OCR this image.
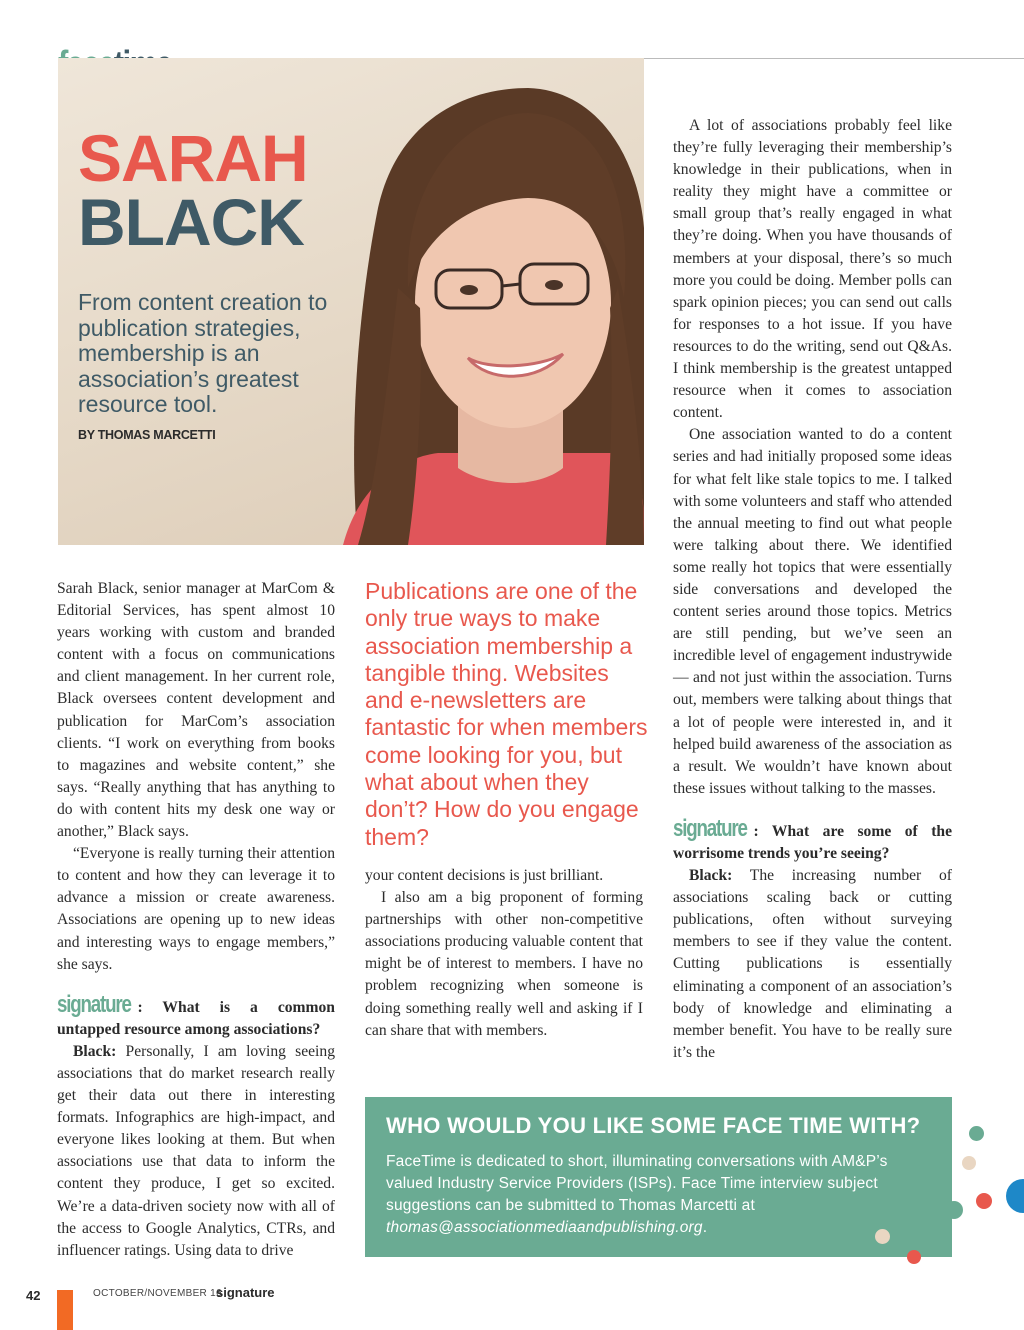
SARAH
BLACK
From content creation to publication strategies, membership is an association’s greatest resource tool.
BY THOMAS MARCETTI

Sarah Black, senior manager at MarCom & Editorial Services, has spent almost 10 years working with custom and branded content with a focus on communications and client management. In her current role, Black oversees content development and publication for MarCom’s association clients. “I work on everything from books to magazines and website content,” she says. “Really anything that has anything to do with content hits my desk one way or another,” Black says.

“Everyone is really turning their attention to content and how they can leverage it to advance a mission or create awareness. Associations are opening up to new ideas and interesting ways to engage members,” she says.

signature : What is a common untapped resource among associations?

Black: Personally, I am loving seeing associations that do market research really get their data out there in interesting formats. Infographics are high-impact, and everyone likes looking at them. But when associations use that data to inform the content they produce, I get so excited. We’re a data-driven society now with all of the access to Google Analytics, CTRs, and influencer ratings. Using data to drive

Publications are one of the only true ways to make association membership a tangible thing. Websites and e-newsletters are fantastic for when members come looking for you, but what about when they don’t? How do you engage them?

your content decisions is just brilliant.

I also am a big proponent of forming partnerships with other non-competitive associations producing valuable content that might be of interest to members. I have no problem recognizing when someone is doing something really well and asking if I can share that with members.

A lot of associations probably feel like they’re fully leveraging their membership’s knowledge in their publications, when in reality they might have a committee or small group that’s really engaged in what they’re doing. When you have thousands of members at your disposal, there’s so much more you could be doing. Member polls can spark opinion pieces; you can send out calls for responses to a hot issue. If you have resources to do the writing, send out Q&As. I think membership is the greatest untapped resource when it comes to association content.

One association wanted to do a content series and had initially proposed some ideas for what felt like stale topics to me. I talked with some volunteers and staff who attended the annual meeting to find out what people were talking about there. We identified some really hot topics that were essentially side conversations and developed the content series around those topics. Metrics are still pending, but we’ve seen an incredible level of engagement industrywide — and not just within the association. Turns out, members were talking about things that a lot of people were interested in, and it helped build awareness of the association as a result. We wouldn’t have known about these issues without talking to the masses.

signature : What are some of the worrisome trends you’re seeing?

Black: The increasing number of associations scaling back or cutting publications, often without surveying members to see if they value the content. Cutting publications is essentially eliminating a component of an association’s body of knowledge and eliminating a member benefit. You have to be really sure it’s the

WHO WOULD YOU LIKE SOME FACE TIME WITH?
FaceTime is dedicated to short, illuminating conversations with AM&P’s valued Industry Service Providers (ISPs). Face Time interview subject suggestions can be submitted to Thomas Marcetti at thomas@associationmediaandpublishing.org.
42	OCTOBER/NOVEMBER 16
signature
